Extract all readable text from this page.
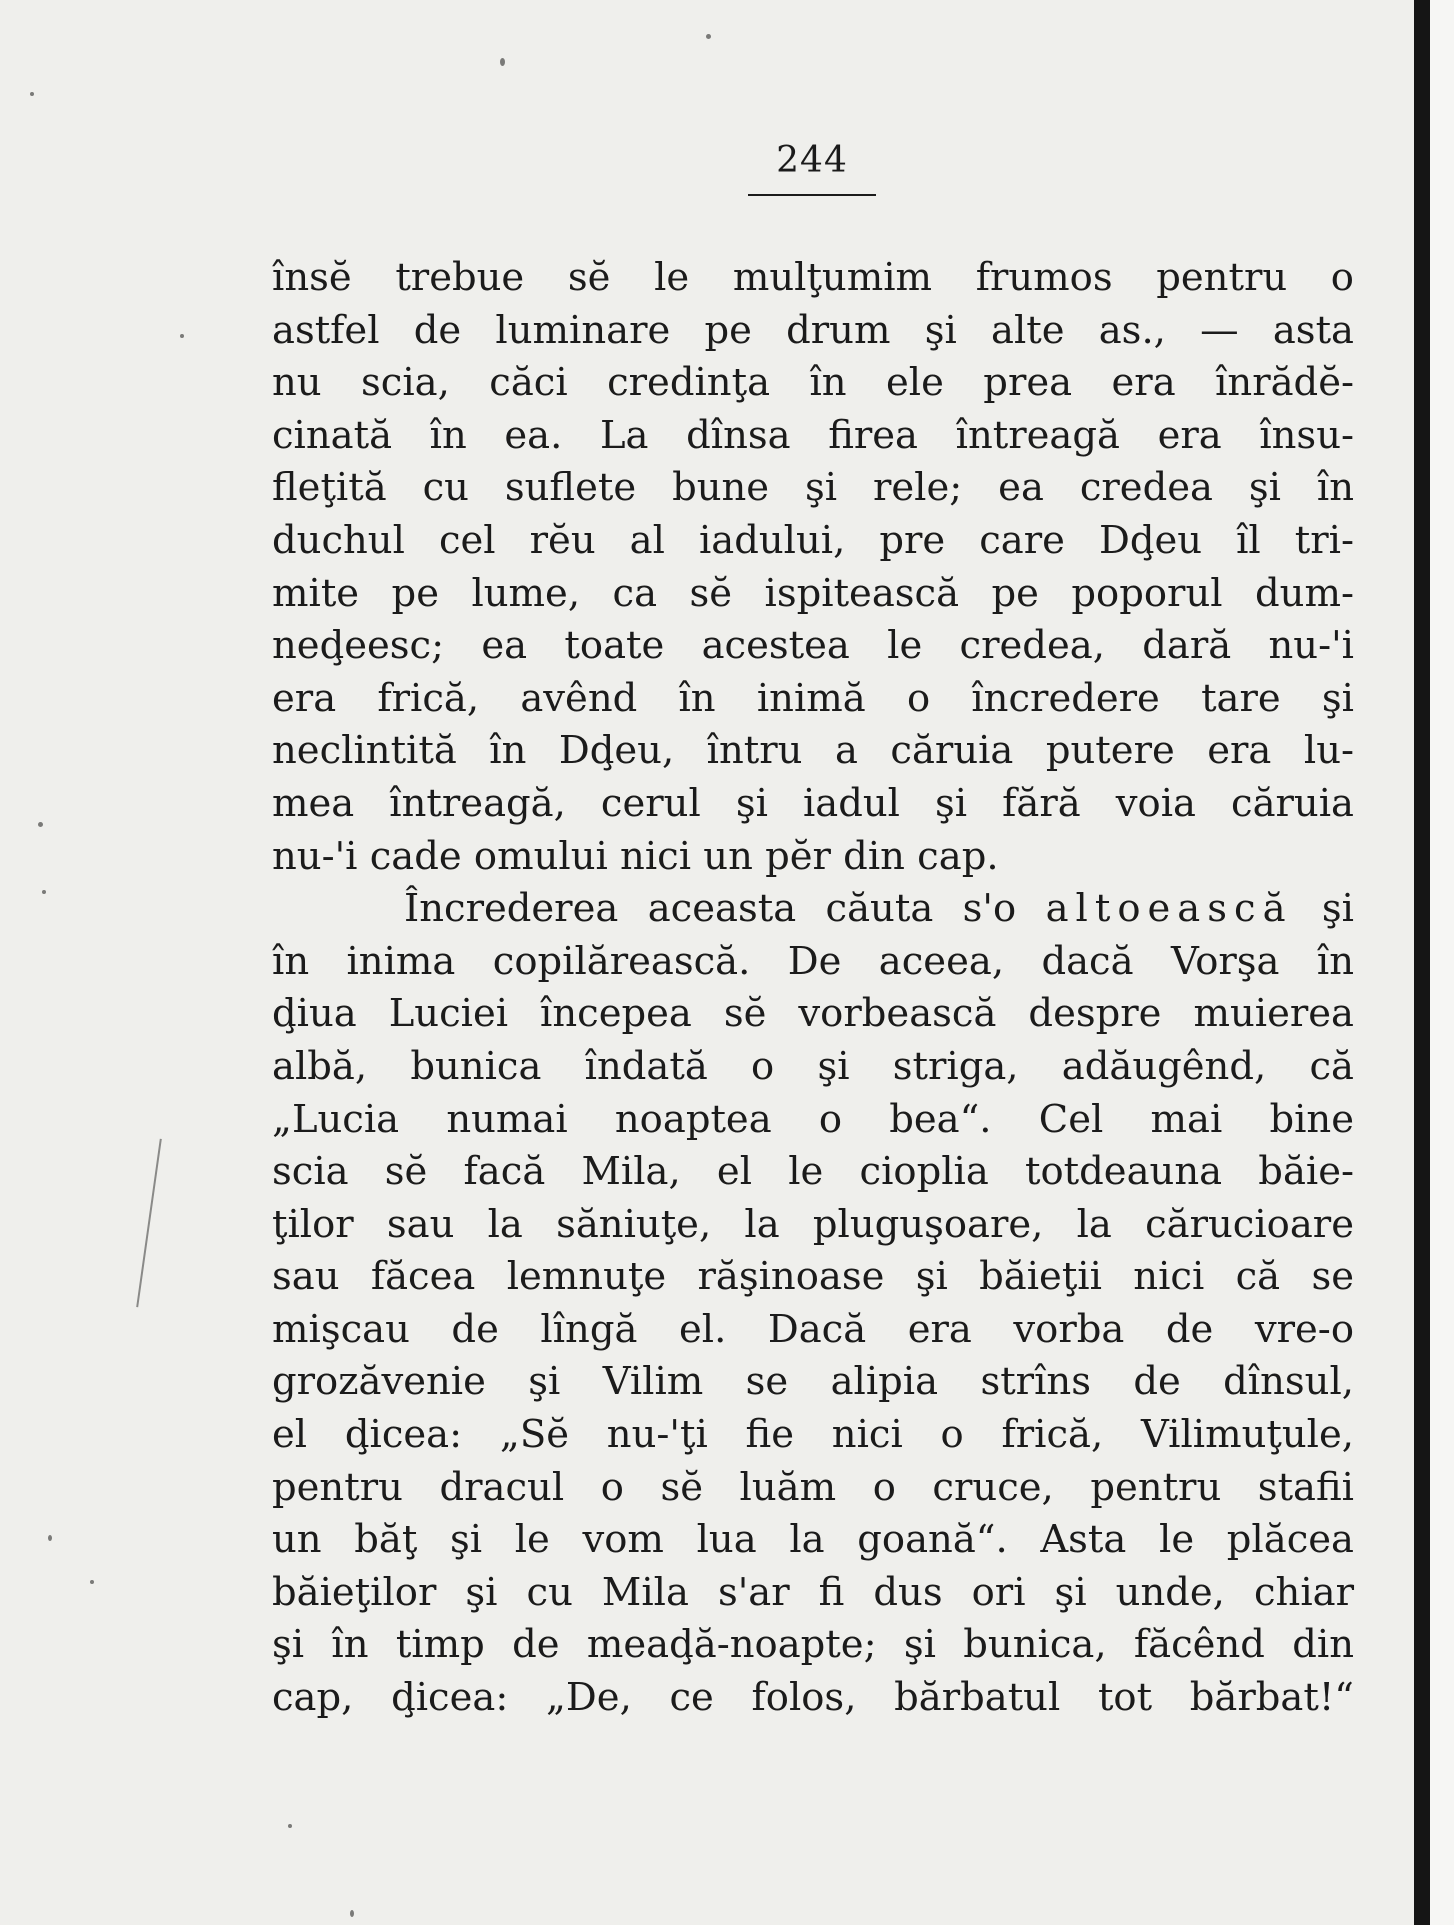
244
însĕ trebue sĕ le mulţumim frumos pentru o
astfel de luminare pe drum şi alte as., — asta
nu scia, căci credinţa în ele prea era înrădĕ-
cinată în ea. La dînsa firea întreagă era însu-
fleţită cu suflete bune şi rele; ea credea şi în
duchul cel rĕu al iadului, pre care Dḑeu îl tri-
mite pe lume, ca sĕ ispitească pe poporul dum-
neḑeesc; ea toate acestea le credea, dară nu-'i
era frică, avênd în inimă o încredere tare şi
neclintită în Dḑeu, întru a căruia putere era lu-
mea întreagă, cerul şi iadul şi fără voia căruia
nu-'i cade omului nici un pĕr din cap.
Încrederea aceasta căuta s'o altoească şi
în inima copilărească. De aceea, dacă Vorşa în
ḑiua Luciei începea sĕ vorbească despre muierea
albă, bunica îndată o şi striga, adăugênd, că
„Lucia numai noaptea o bea“. Cel mai bine
scia sĕ facă Mila, el le cioplia totdeauna băie-
ţilor sau la săniuţe, la pluguşoare, la cărucioare
sau făcea lemnuţe răşinoase şi băieţii nici că se
mişcau de lîngă el. Dacă era vorba de vre-o
grozăvenie şi Vilim se alipia strîns de dînsul,
el ḑicea: „Sĕ nu-'ţi fie nici o frică, Vilimuţule,
pentru dracul o sĕ luăm o cruce, pentru stafii
un băţ şi le vom lua la goană“. Asta le plăcea
băieţilor şi cu Mila s'ar fi dus ori şi unde, chiar
şi în timp de meaḑă-noapte; şi bunica, făcênd din
cap, ḑicea: „De, ce folos, bărbatul tot bărbat!“
